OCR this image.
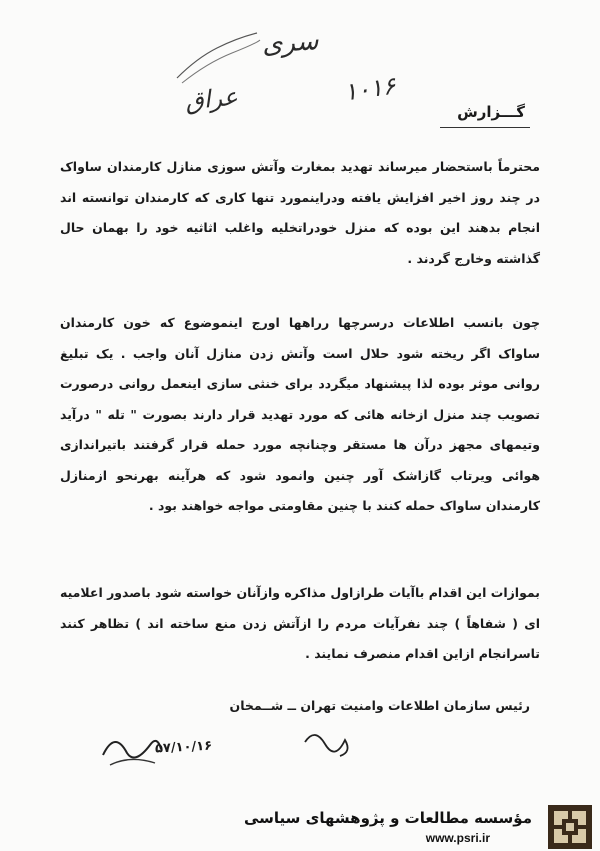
سری
۱۰۱۶
عراق	گـــزارش
محترماً باستحضار میرساند تهدید بمغارت وآتش سوزی منازل کارمندان ساواک در چند روز اخیر افزایش یافته ودراینمورد تنها کاری که کارمندان توانسته اند انجام بدهند این بوده که منزل خودراتخلیه واغلب اثاثیه خود را بهمان حال گذاشته وخارج گردند .
چون بانسب اطلاعات درسرچها رراهها اورج اینموضوع که خون کارمندان ساواک اگر ریخته شود حلال است وآتش زدن منازل آنان واجب . یک تبلیغ روانی موثر بوده لذا پیشنهاد میگردد برای خنثی سازی اینعمل روانی درصورت تصویب چند منزل ازخانه هائی که مورد تهدید قرار دارند بصورت " تله " درآید وتیمهای مجهز درآن ها مستقر وچنانچه مورد حمله قرار گرفتند باتیراندازی هوائی ویرتاب گازاشک آور چنین وانمود شود که هرآینه بهرنحو ازمنازل کارمندان ساواک حمله کنند با چنین مقاومتی مواجه خواهند بود .
بموازات این اقدام باآیات طرازاول مذاکره وازآنان خواسته شود باصدور اعلامیه ای ( شفاهاً ) چند نفرآیات مردم را ازآتش زدن منع ساخته اند ) تظاهر کنند تاسرانجام ازاین اقدام منصرف نمایند .
رئیس سازمان اطلاعات وامنیت تهران ــ شــمخان
۵۷/۱۰/۱۶
مؤسسه مطالعات و پژوهشهای سیاسی
www.psri.ir
